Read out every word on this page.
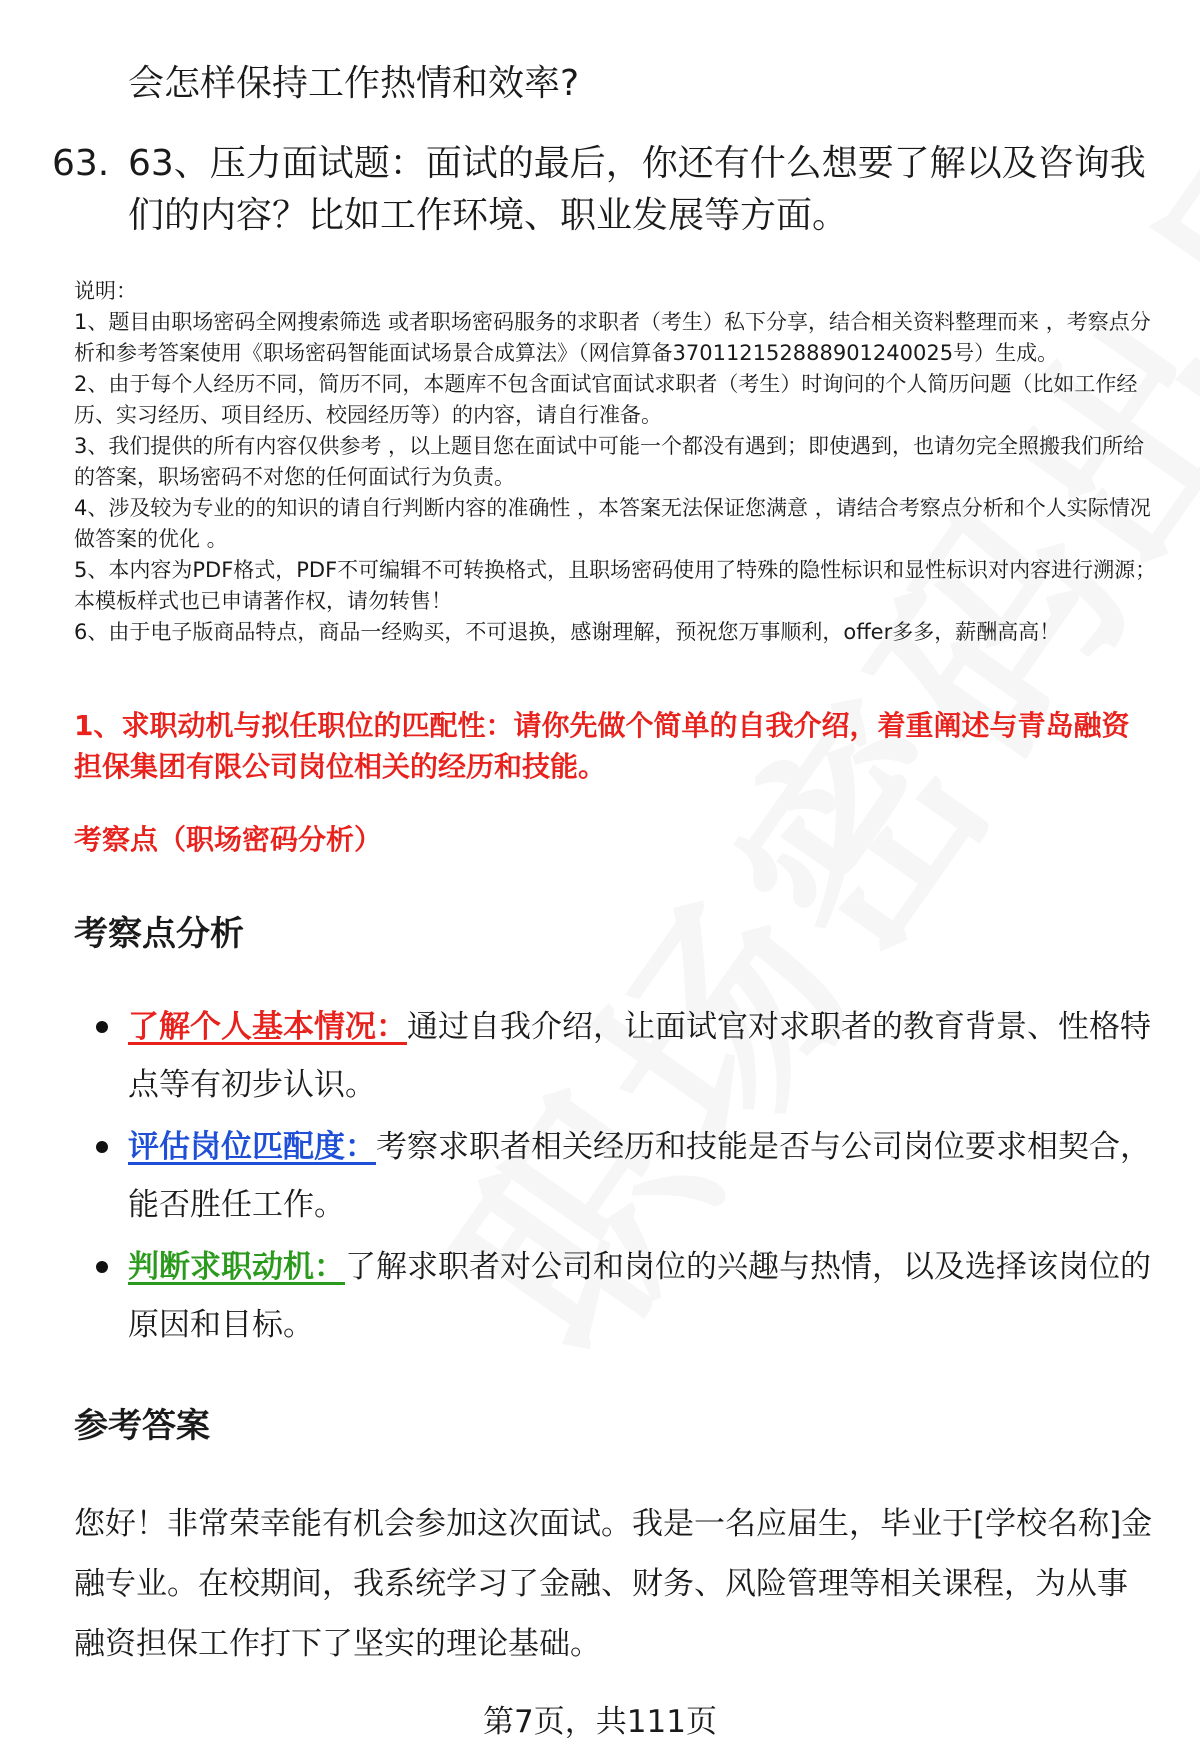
会怎样保持工作热情和效率?

63. 63、压力面试题：面试的最后，你还有什么想要了解以及咨询我们的内容？比如工作环境、职业发展等方面。

说明：

1、题目由职场密码全网搜索筛选 或者职场密码服务的求职者（考生）私下分享，结合相关资料整理而来 ，考察点分析和参考答案使用《职场密码智能面试场景合成算法》（网信算备370112152888901240025号）生成。

2、由于每个人经历不同，简历不同，本题库不包含面试官面试求职者（考生）时询问的个人简历问题（比如工作经历、实习经历、项目经历、校园经历等）的内容，请自行准备。

3、我们提供的所有内容仅供参考 ，以上题目您在面试中可能一个都没有遇到；即使遇到，也请勿完全照搬我们所给的答案，职场密码不对您的任何面试行为负责。

4、涉及较为专业的的知识的请自行判断内容的准确性 ，本答案无法保证您满意 ，请结合考察点分析和个人实际情况做答案的优化 。

5、本内容为PDF格式，PDF不可编辑不可转换格式，且职场密码使用了特殊的隐性标识和显性标识对内容进行溯源；本模板样式也已申请著作权，请勿转售！

6、由于电子版商品特点，商品一经购买，不可退换，感谢理解，预祝您万事顺利，offer多多，薪酬高高！

1、求职动机与拟任职位的匹配性：请你先做个简单的自我介绍，着重阐述与青岛融资担保集团有限公司岗位相关的经历和技能。

考察点（职场密码分析）

考察点分析

了解个人基本情况：通过自我介绍，让面试官对求职者的教育背景、性格特点等有初步认识。
评估岗位匹配度：考察求职者相关经历和技能是否与公司岗位要求相契合，能否胜任工作。
判断求职动机：了解求职者对公司和岗位的兴趣与热情，以及选择该岗位的原因和目标。

参考答案

您好！非常荣幸能有机会参加这次面试。我是一名应届生，毕业于[学校名称]金融专业。在校期间，我系统学习了金融、财务、风险管理等相关课程，为从事融资担保工作打下了坚实的理论基础。

第7页，共111页
